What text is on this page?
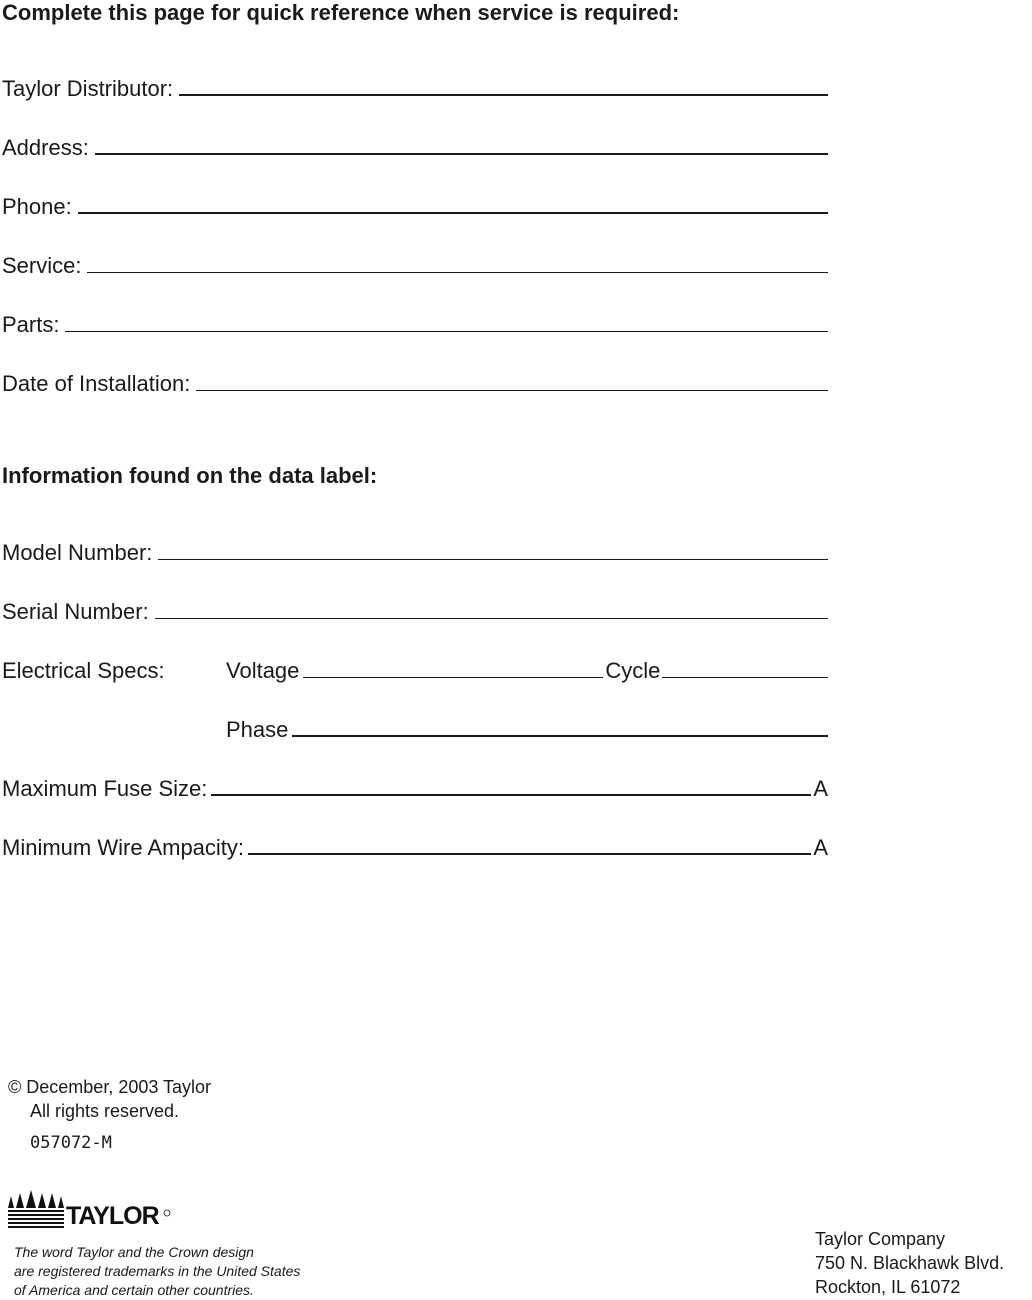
Complete this page for quick reference when service is required:
Taylor Distributor:
Address:
Phone:
Service:
Parts:
Date of Installation:
Information found on the data label:
Model Number:
Serial Number:
Electrical Specs:	Voltage	Cycle
Phase
Maximum Fuse Size:	A
Minimum Wire Ampacity:	A
© December, 2003 Taylor
All rights reserved.
057072-M
TAYLOR
The word Taylor and the Crown design
are registered trademarks in the United States
of America and certain other countries.
Taylor Company
750 N. Blackhawk Blvd.
Rockton, IL 61072
